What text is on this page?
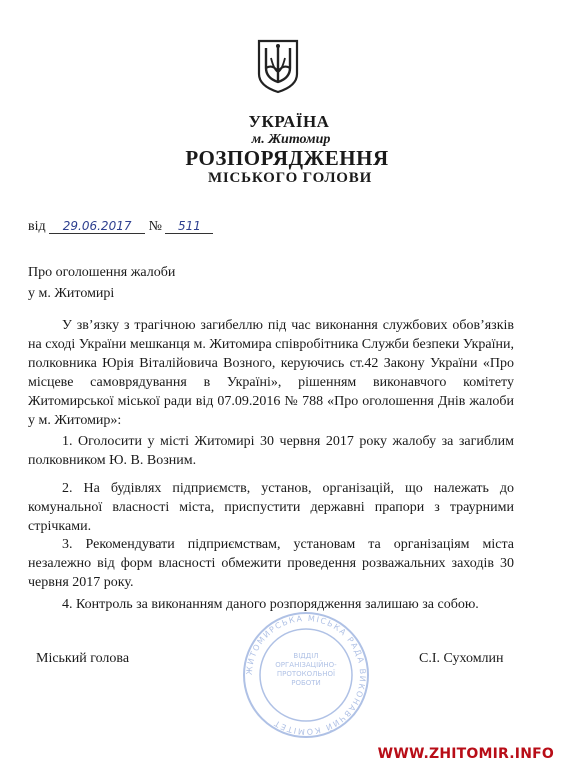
УКРАЇНА
м. Житомир
РОЗПОРЯДЖЕННЯ
МІСЬКОГО ГОЛОВИ
від 29.06.2017 № 511
Про оголошення жалоби
у м. Житомирі
У зв’язку з трагічною загибеллю під час виконання службових обов’язків на сході України мешканця м. Житомира співробітника Служби безпеки України, полковника Юрія Віталійовича Возного, керуючись ст.42 Закону України «Про місцеве самоврядування в Україні», рішенням виконавчого комітету Житомирської міської ради від 07.09.2016 № 788 «Про оголошення Днів жалоби у м. Житомир»:
1. Оголосити у місті Житомирі 30 червня 2017 року жалобу за загиблим полковником Ю. В. Возним.
2. На будівлях підприємств, установ, організацій, що належать до комунальної власності міста, приспустити державні прапори з траурними стрічками.
3. Рекомендувати підприємствам, установам та організаціям міста незалежно від форм власності обмежити проведення розважальних заходів 30 червня 2017 року.
4. Контроль за виконанням даного розпорядження залишаю за собою.
ЖИТОМИРСЬКА МІСЬКА РАДА ВИКОНАВЧИЙ КОМІТЕТ
ВІДДІЛ ОРГАНІЗАЦІЙНО-ПРОТОКОЛЬНОЇ РОБОТИ
Міський голова	С.І. Сухомлин
WWW.ZHITOMIR.INFO
